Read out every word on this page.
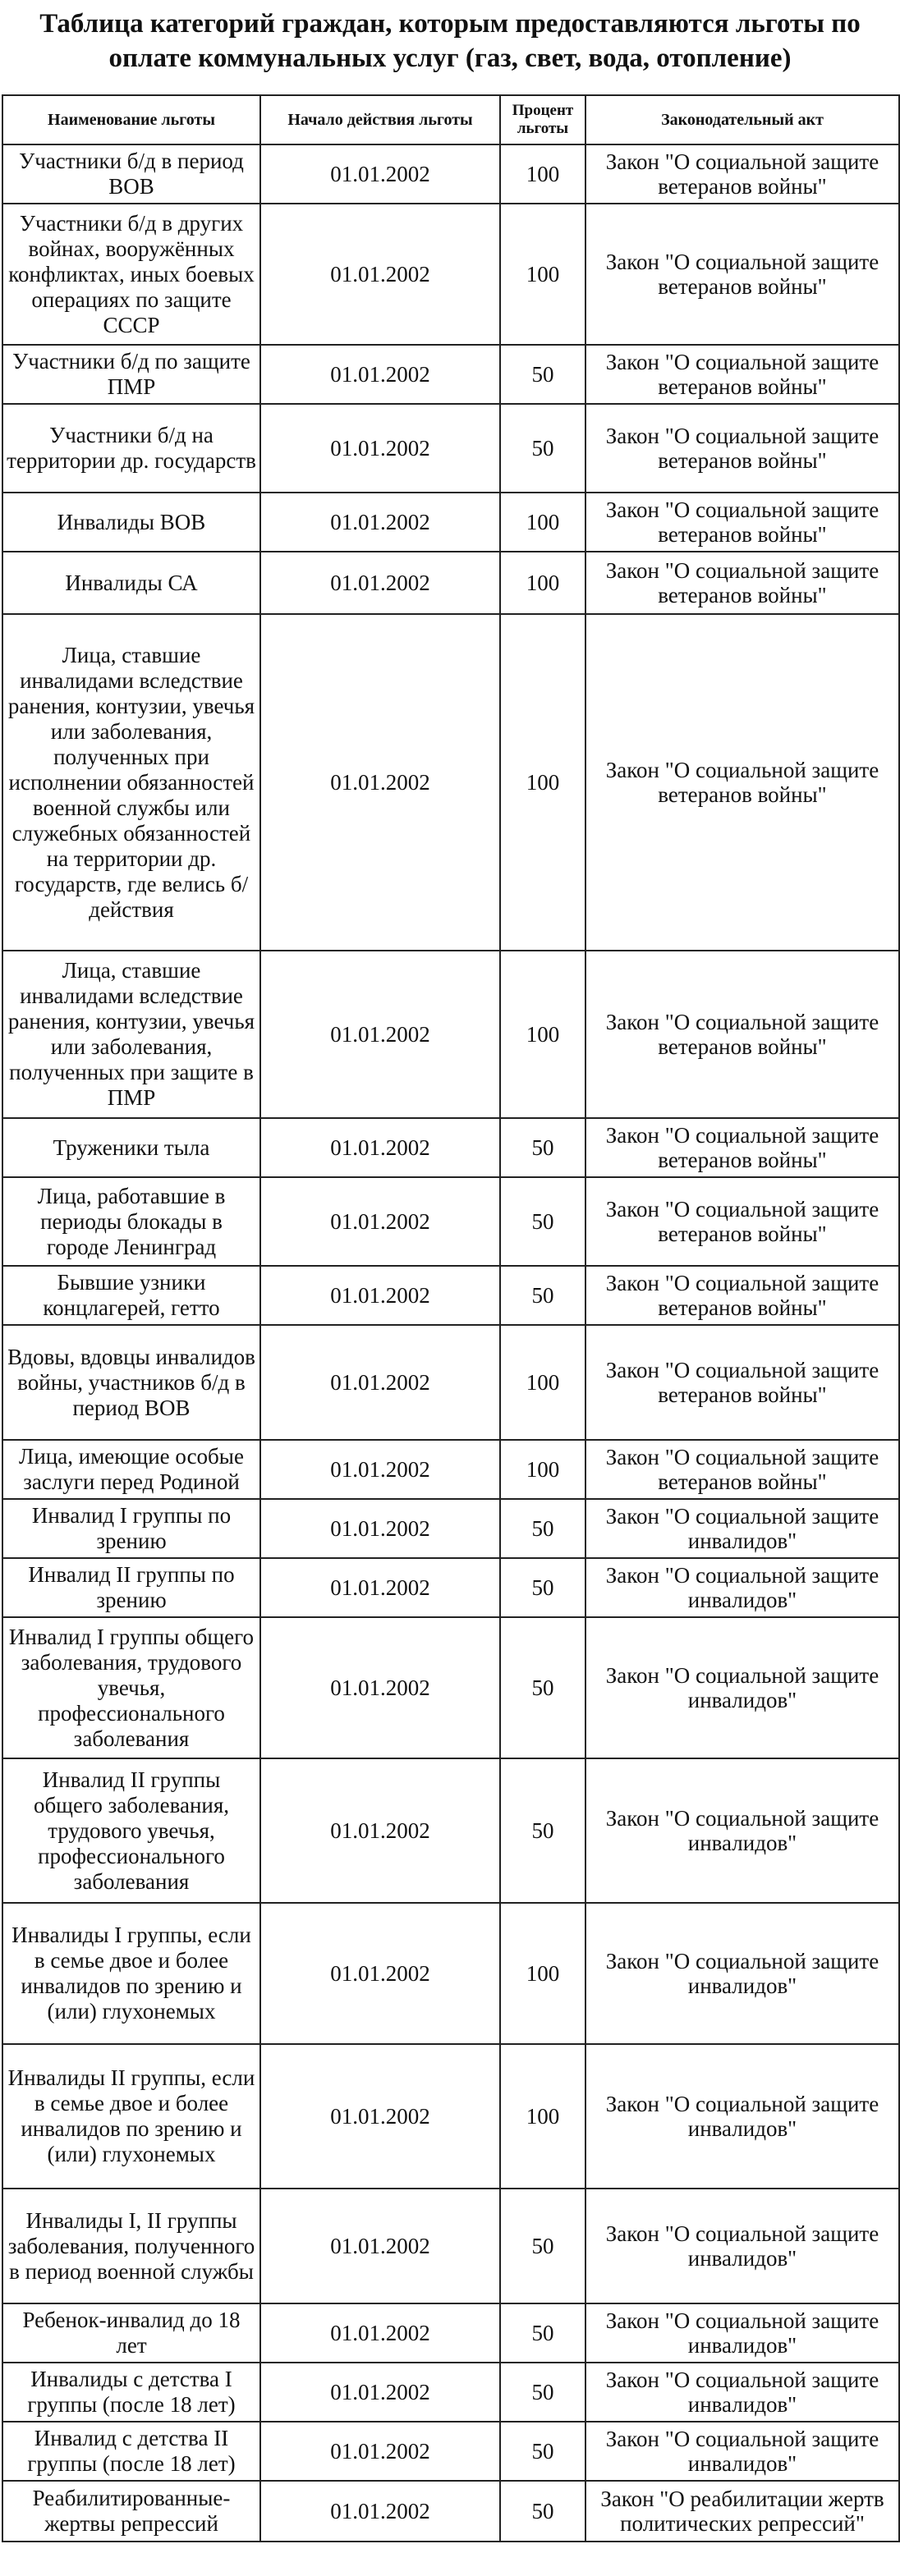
Таблица категорий граждан, которым предоставляются льготы по оплате коммунальных услуг (газ, свет, вода, отопление)
Наименование льготы	Начало действия льготы	Процент льготы	Законодательный акт
Участники б/д в период ВОВ	01.01.2002	100	Закон "О социальной защите ветеранов войны"
Участники б/д в других войнах, вооружённых конфликтах, иных боевых операциях по защите СССР	01.01.2002	100	Закон "О социальной защите ветеранов войны"
Участники б/д по защите ПМР	01.01.2002	50	Закон "О социальной защите ветеранов войны"
Участники б/д на территории др. государств	01.01.2002	50	Закон "О социальной защите ветеранов войны"
Инвалиды ВОВ	01.01.2002	100	Закон "О социальной защите ветеранов войны"
Инвалиды СА	01.01.2002	100	Закон "О социальной защите ветеранов войны"
Лица, ставшие инвалидами вследствие ранения, контузии, увечья или заболевания, полученных при исполнении обязанностей военной службы или служебных обязанностей на территории др. государств, где велись б/действия	01.01.2002	100	Закон "О социальной защите ветеранов войны"
Лица, ставшие инвалидами вследствие ранения, контузии, увечья или заболевания, полученных при защите в ПМР	01.01.2002	100	Закон "О социальной защите ветеранов войны"
Труженики тыла	01.01.2002	50	Закон "О социальной защите ветеранов войны"
Лица, работавшие в периоды блокады в городе Ленинград	01.01.2002	50	Закон "О социальной защите ветеранов войны"
Бывшие узники концлагерей, гетто	01.01.2002	50	Закон "О социальной защите ветеранов войны"
Вдовы, вдовцы инвалидов войны, участников б/д в период ВОВ	01.01.2002	100	Закон "О социальной защите ветеранов войны"
Лица, имеющие особые заслуги перед Родиной	01.01.2002	100	Закон "О социальной защите ветеранов войны"
Инвалид I группы по зрению	01.01.2002	50	Закон "О социальной защите инвалидов"
Инвалид II группы по зрению	01.01.2002	50	Закон "О социальной защите инвалидов"
Инвалид I группы общего заболевания, трудового увечья, профессионального заболевания	01.01.2002	50	Закон "О социальной защите инвалидов"
Инвалид II группы общего заболевания, трудового увечья, профессионального заболевания	01.01.2002	50	Закон "О социальной защите инвалидов"
Инвалиды I группы, если в семье двое и более инвалидов по зрению и (или) глухонемых	01.01.2002	100	Закон "О социальной защите инвалидов"
Инвалиды II группы, если в семье двое и более инвалидов по зрению и (или) глухонемых	01.01.2002	100	Закон "О социальной защите инвалидов"
Инвалиды I, II группы заболевания, полученного в период военной службы	01.01.2002	50	Закон "О социальной защите инвалидов"
Ребенок-инвалид до 18 лет	01.01.2002	50	Закон "О социальной защите инвалидов"
Инвалиды с детства I группы (после 18 лет)	01.01.2002	50	Закон "О социальной защите инвалидов"
Инвалид с детства II группы (после 18 лет)	01.01.2002	50	Закон "О социальной защите инвалидов"
Реабилитированные-жертвы репрессий	01.01.2002	50	Закон "О реабилитации жертв политических репрессий"
